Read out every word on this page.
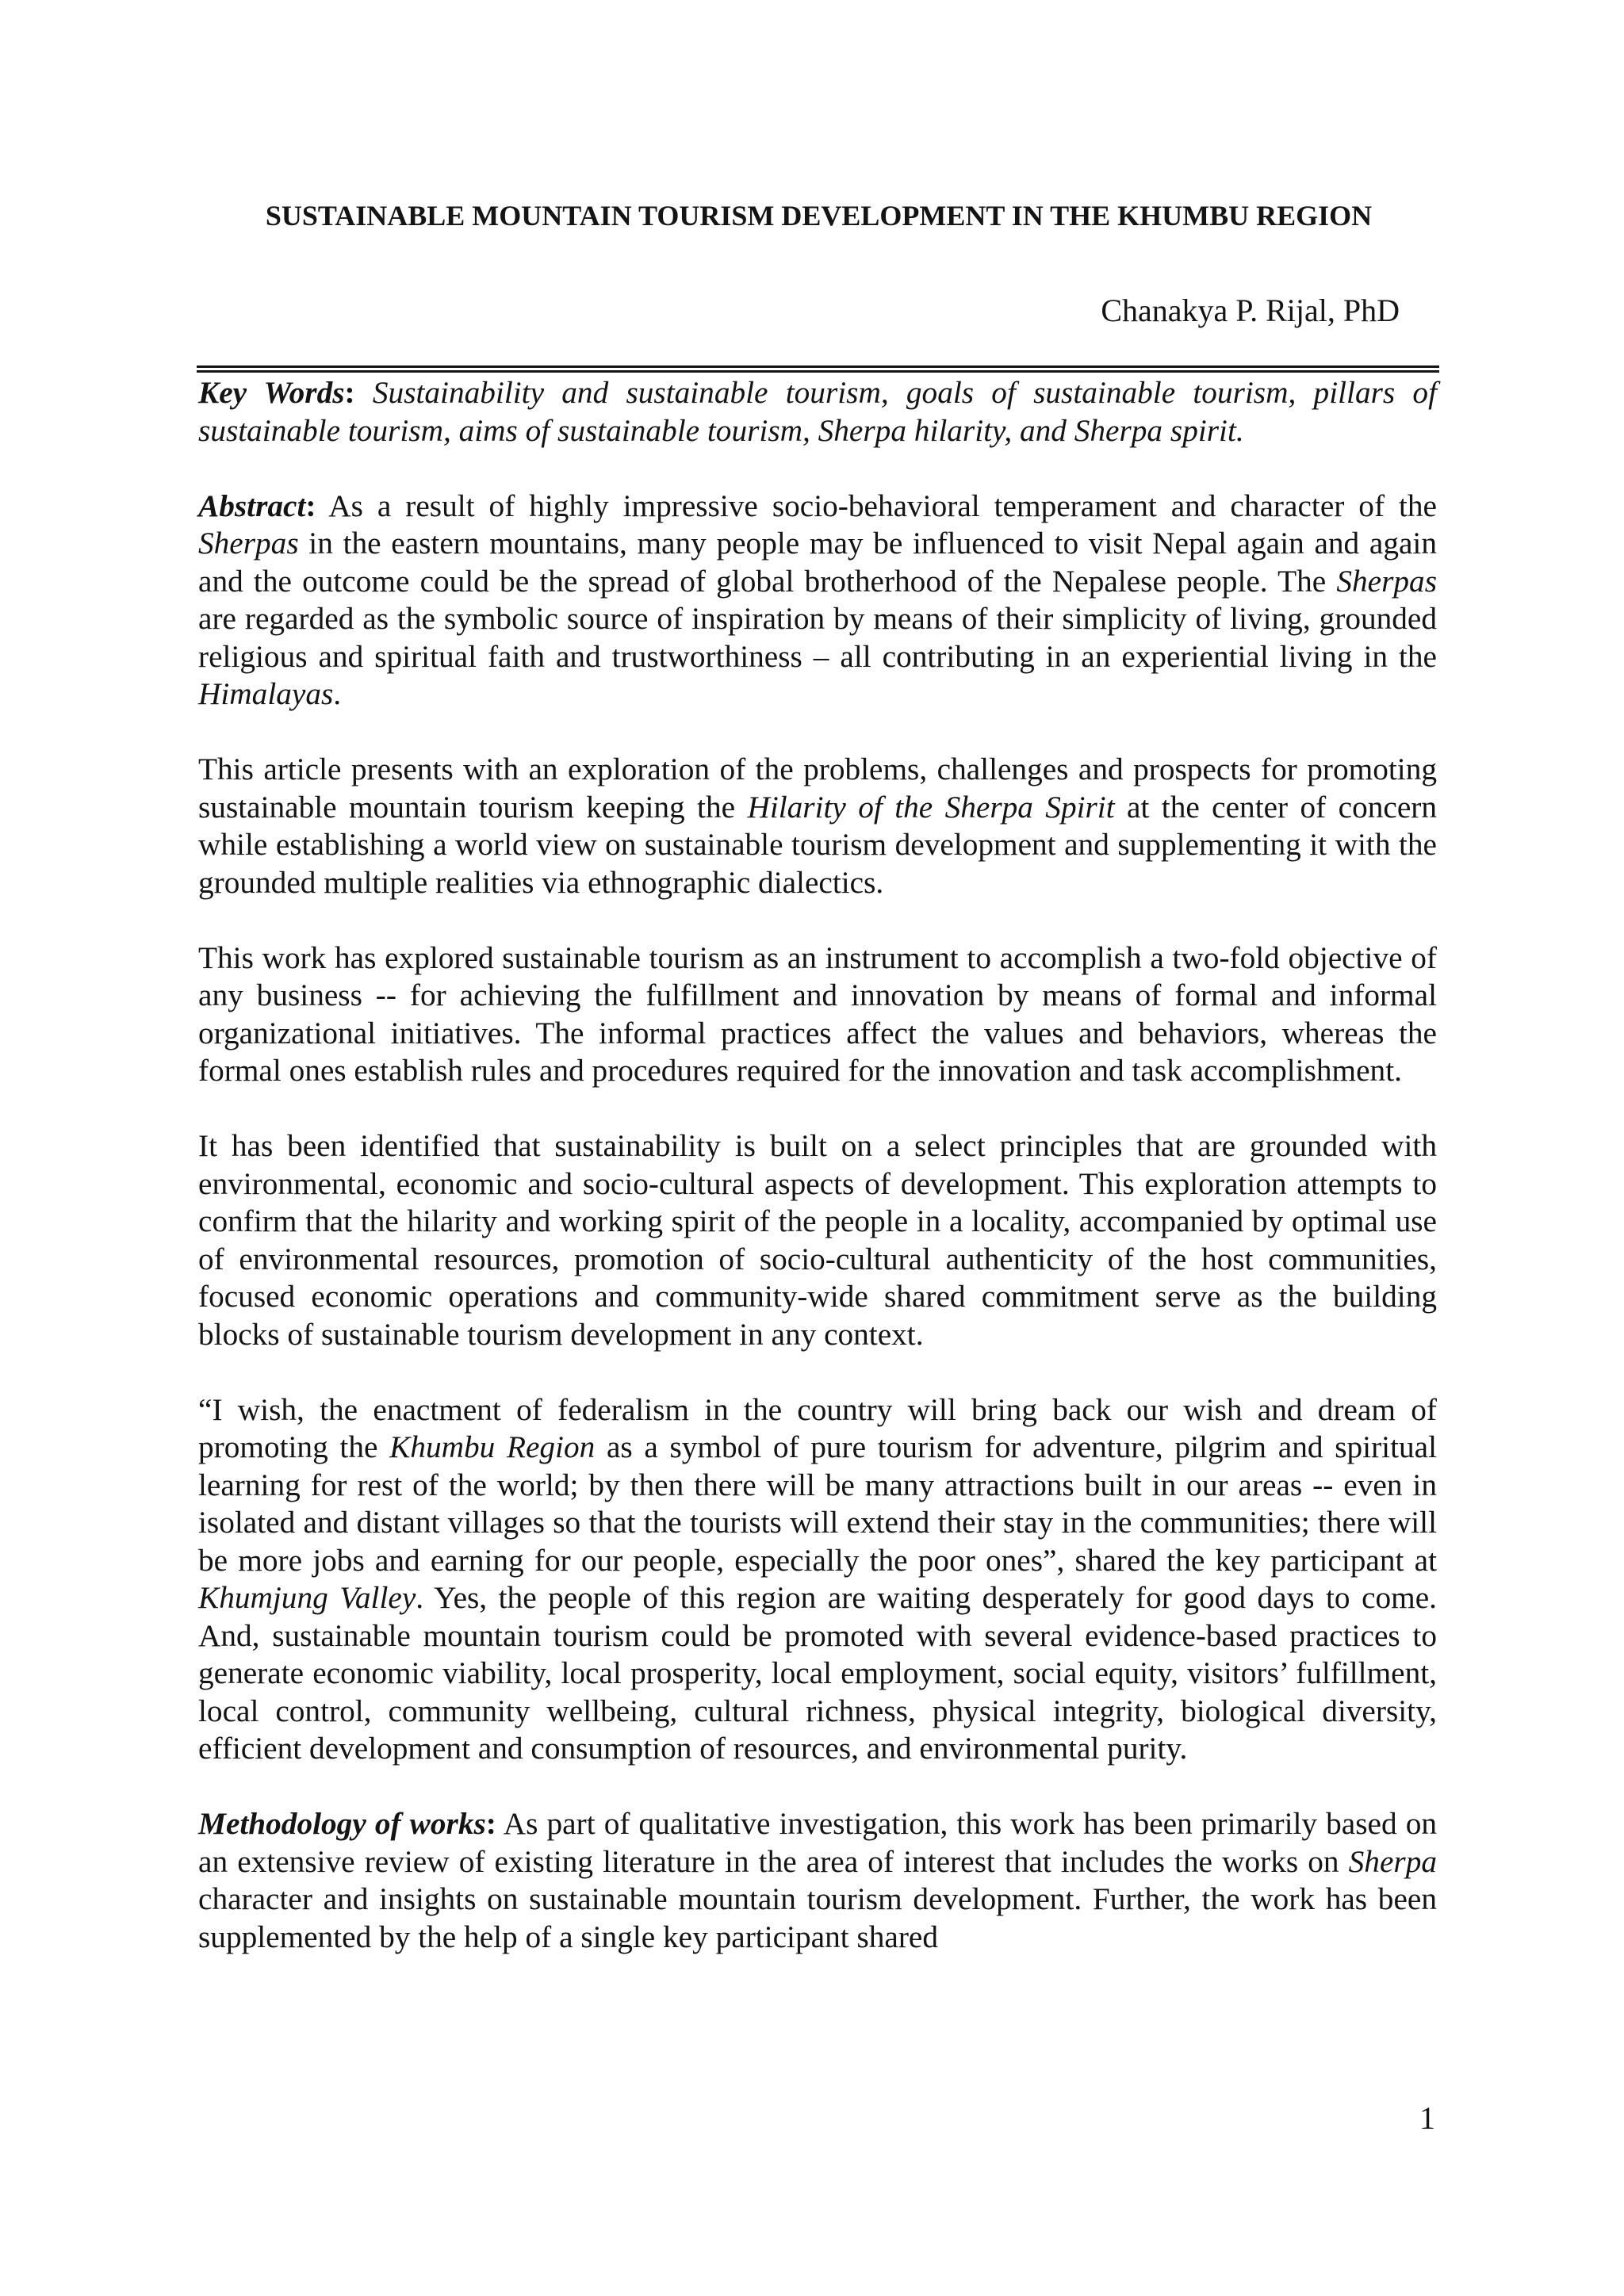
SUSTAINABLE MOUNTAIN TOURISM DEVELOPMENT IN THE KHUMBU REGION

Chanakya P. Rijal, PhD

Key Words: Sustainability and sustainable tourism, goals of sustainable tourism, pillars of sustainable tourism, aims of sustainable tourism, Sherpa hilarity, and Sherpa spirit.

Abstract: As a result of highly impressive socio-behavioral temperament and character of the Sherpas in the eastern mountains, many people may be influenced to visit Nepal again and again and the outcome could be the spread of global brotherhood of the Nepalese people. The Sherpas are regarded as the symbolic source of inspiration by means of their simplicity of living, grounded religious and spiritual faith and trustworthiness – all contributing in an experiential living in the Himalayas.

This article presents with an exploration of the problems, challenges and prospects for promoting sustainable mountain tourism keeping the Hilarity of the Sherpa Spirit at the center of concern while establishing a world view on sustainable tourism development and supplementing it with the grounded multiple realities via ethnographic dialectics.

This work has explored sustainable tourism as an instrument to accomplish a two-fold objective of any business -- for achieving the fulfillment and innovation by means of formal and informal organizational initiatives. The informal practices affect the values and behaviors, whereas the formal ones establish rules and procedures required for the innovation and task accomplishment.

It has been identified that sustainability is built on a select principles that are grounded with environmental, economic and socio-cultural aspects of development. This exploration attempts to confirm that the hilarity and working spirit of the people in a locality, accompanied by optimal use of environmental resources, promotion of socio-cultural authenticity of the host communities, focused economic operations and community-wide shared commitment serve as the building blocks of sustainable tourism development in any context.

“I wish, the enactment of federalism in the country will bring back our wish and dream of promoting the Khumbu Region as a symbol of pure tourism for adventure, pilgrim and spiritual learning for rest of the world; by then there will be many attractions built in our areas -- even in isolated and distant villages so that the tourists will extend their stay in the communities; there will be more jobs and earning for our people, especially the poor ones”, shared the key participant at Khumjung Valley. Yes, the people of this region are waiting desperately for good days to come. And, sustainable mountain tourism could be promoted with several evidence-based practices to generate economic viability, local prosperity, local employment, social equity, visitors’ fulfillment, local control, community wellbeing, cultural richness, physical integrity, biological diversity, efficient development and consumption of resources, and environmental purity.

Methodology of works: As part of qualitative investigation, this work has been primarily based on an extensive review of existing literature in the area of interest that includes the works on Sherpa character and insights on sustainable mountain tourism development. Further, the work has been supplemented by the help of a single key participant shared

1
